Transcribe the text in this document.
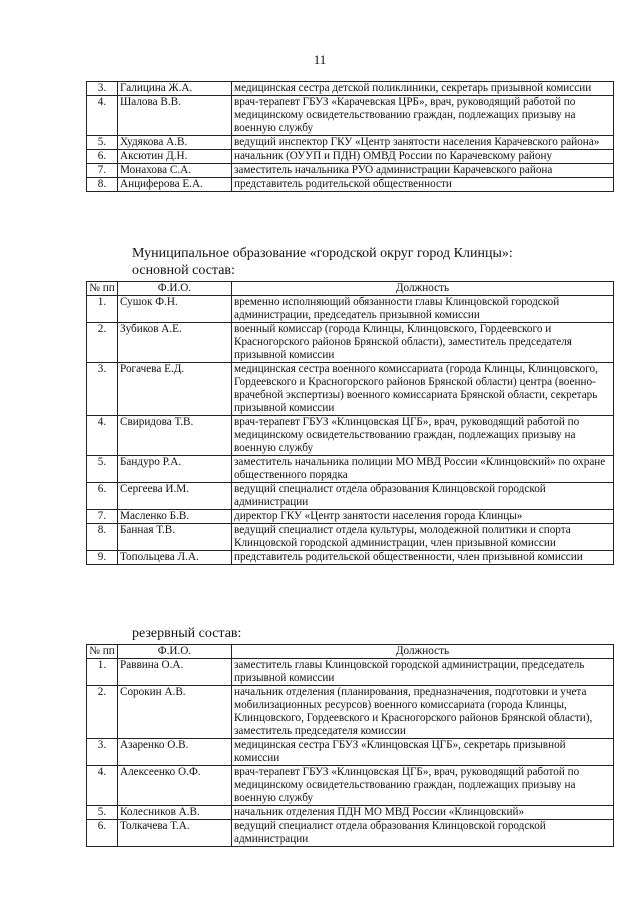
11
3.	Галицина Ж.А.	медицинская сестра детской поликлиники, секретарь призывной комиссии
4.	Шалова В.В.	врач-терапевт ГБУЗ «Карачевская ЦРБ», врач, руководящий работой по медицинскому освидетельствованию граждан, подлежащих призыву на военную службу
5.	Худякова А.В.	ведущий инспектор ГКУ «Центр занятости населения Карачевского района»
6.	Аксютин Д.Н.	начальник (ОУУП и ПДН) ОМВД России по Карачевскому району
7.	Монахова С.А.	заместитель начальника РУО администрации Карачевского района
8.	Анциферова Е.А.	представитель родительской общественности
Муниципальное образование «городской округ город Клинцы»:
основной состав:
№ пп	Ф.И.О.	Должность
1.	Сушок Ф.Н.	временно исполняющий обязанности главы Клинцовской городской администрации, председатель призывной комиссии
2.	Зубиков А.Е.	военный комиссар (города Клинцы, Клинцовского, Гордеевского и Красногорского районов Брянской области), заместитель председателя призывной комиссии
3.	Рогачева Е.Д.	медицинская сестра военного комиссариата (города Клинцы, Клинцовского, Гордеевского и Красногорского районов Брянской области) центра (военно-врачебной экспертизы) военного комиссариата Брянской области, секретарь призывной комиссии
4.	Свиридова Т.В.	врач-терапевт ГБУЗ «Клинцовская ЦГБ», врач, руководящий работой по медицинскому освидетельствованию граждан, подлежащих призыву на военную службу
5.	Бандуро Р.А.	заместитель начальника полиции МО МВД России «Клинцовский» по охране общественного порядка
6.	Сергеева И.М.	ведущий специалист отдела образования Клинцовской городской администрации
7.	Масленко Б.В.	директор ГКУ «Центр занятости населения города Клинцы»
8.	Банная Т.В.	ведущий специалист отдела культуры, молодежной политики и спорта Клинцовской городской администрации, член призывной комиссии
9.	Топольцева Л.А.	представитель родительской общественности, член призывной комиссии
резервный состав:
№ пп	Ф.И.О.	Должность
1.	Раввина О.А.	заместитель главы Клинцовской городской администрации, председатель призывной комиссии
2.	Сорокин А.В.	начальник отделения (планирования, предназначения, подготовки и учета мобилизационных ресурсов) военного комиссариата (города Клинцы, Клинцовского, Гордеевского и Красногорского районов Брянской области), заместитель председателя комиссии
3.	Азаренко О.В.	медицинская сестра ГБУЗ «Клинцовская ЦГБ», секретарь призывной комиссии
4.	Алексеенко О.Ф.	врач-терапевт ГБУЗ «Клинцовская ЦГБ», врач, руководящий работой по медицинскому освидетельствованию граждан, подлежащих призыву на военную службу
5.	Колесников А.В.	начальник отделения ПДН МО МВД России «Клинцовский»
6.	Толкачева Т.А.	ведущий специалист отдела образования Клинцовской городской администрации
